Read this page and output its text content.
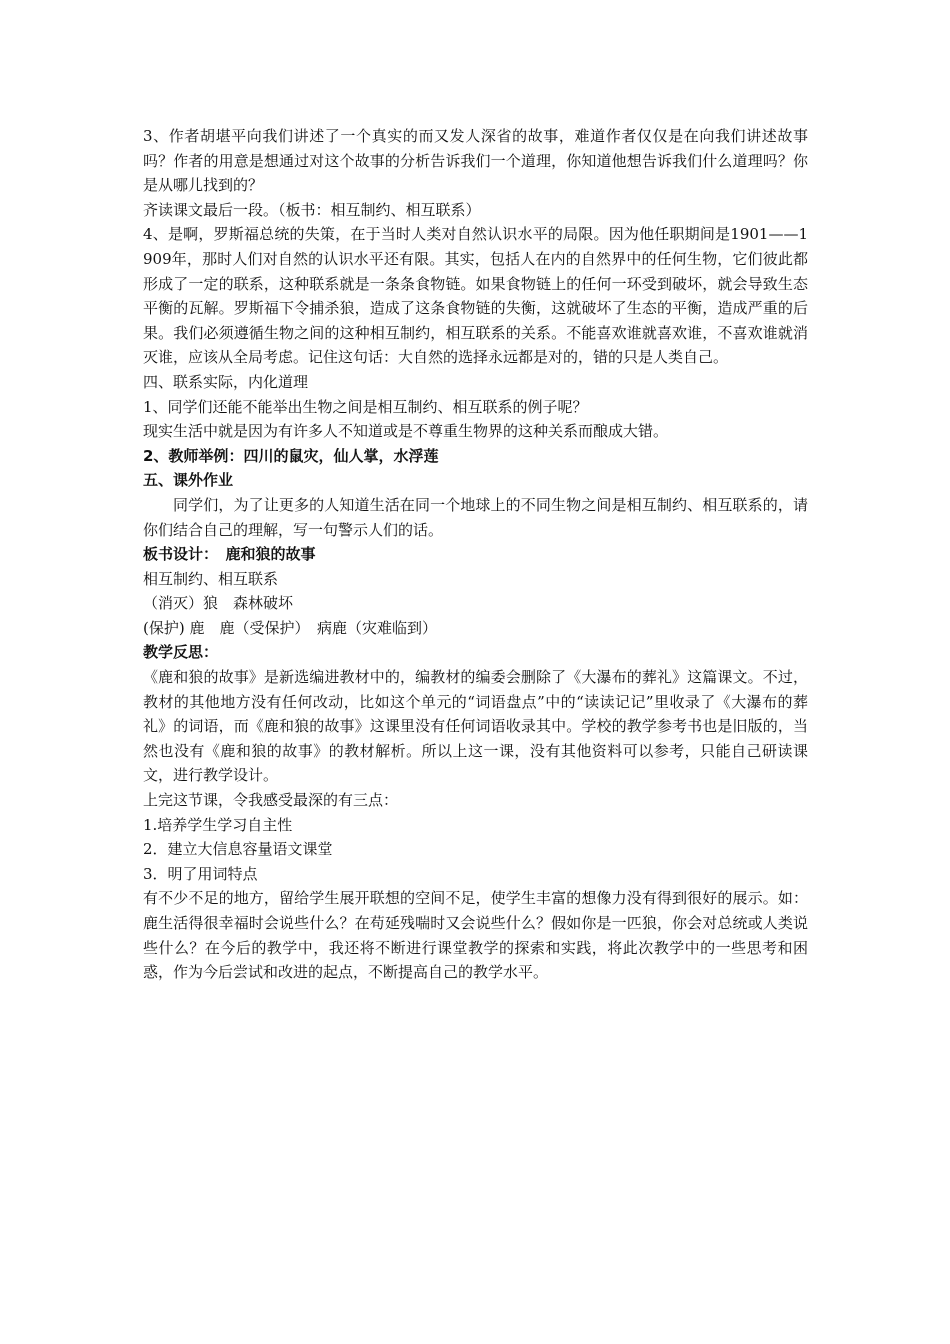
3、作者胡堪平向我们讲述了一个真实的而又发人深省的故事，难道作者仅仅是在向我们讲述故事吗？作者的用意是想通过对这个故事的分析告诉我们一个道理，你知道他想告诉我们什么道理吗？你是从哪儿找到的？

齐读课文最后一段。（板书：相互制约、相互联系）

4、是啊，罗斯福总统的失策，在于当时人类对自然认识水平的局限。因为他任职期间是1901——1909年，那时人们对自然的认识水平还有限。其实，包括人在内的自然界中的任何生物，它们彼此都形成了一定的联系，这种联系就是一条条食物链。如果食物链上的任何一环受到破坏，就会导致生态平衡的瓦解。罗斯福下令捕杀狼，造成了这条食物链的失衡，这就破坏了生态的平衡，造成严重的后果。我们必须遵循生物之间的这种相互制约，相互联系的关系。不能喜欢谁就喜欢谁，不喜欢谁就消灭谁，应该从全局考虑。记住这句话：大自然的选择永远都是对的，错的只是人类自己。

四、联系实际，内化道理

1、同学们还能不能举出生物之间是相互制约、相互联系的例子呢？

现实生活中就是因为有许多人不知道或是不尊重生物界的这种关系而酿成大错。

2、教师举例：四川的鼠灾，仙人掌，水浮莲

五、课外作业

同学们，为了让更多的人知道生活在同一个地球上的不同生物之间是相互制约、相互联系的，请你们结合自己的理解，写一句警示人们的话。

板书设计：　鹿和狼的故事

相互制约、相互联系

（消灭）狼　森林破坏

(保护) 鹿　鹿（受保护）　病鹿（灾难临到）

教学反思：

《鹿和狼的故事》是新选编进教材中的，编教材的编委会删除了《大瀑布的葬礼》这篇课文。不过，教材的其他地方没有任何改动，比如这个单元的“词语盘点”中的“读读记记”里收录了《大瀑布的葬礼》的词语，而《鹿和狼的故事》这课里没有任何词语收录其中。学校的教学参考书也是旧版的，当然也没有《鹿和狼的故事》的教材解析。所以上这一课，没有其他资料可以参考，只能自己研读课文，进行教学设计。

上完这节课，令我感受最深的有三点：

1.培养学生学习自主性

2．建立大信息容量语文课堂

3．明了用词特点

有不少不足的地方，留给学生展开联想的空间不足，使学生丰富的想像力没有得到很好的展示。如：鹿生活得很幸福时会说些什么？在苟延残喘时又会说些什么？假如你是一匹狼，你会对总统或人类说些什么？在今后的教学中，我还将不断进行课堂教学的探索和实践，将此次教学中的一些思考和困惑，作为今后尝试和改进的起点，不断提高自己的教学水平。
